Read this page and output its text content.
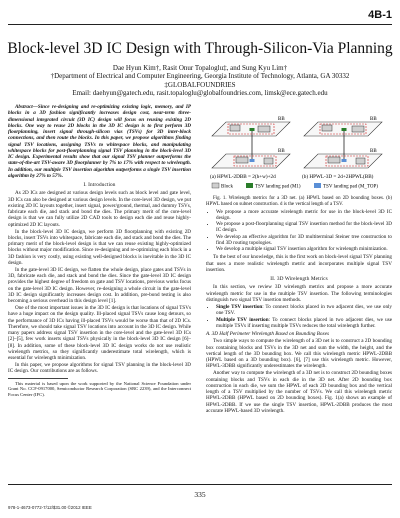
4B-1
Block-level 3D IC Design with Through-Silicon-Via Planning
Dae Hyun Kim†, Rasit Onur Topaloglu‡, and Sung Kyu Lim†
†Department of Electrical and Computer Engineering, Georgia Institute of Technology, Atlanta, GA 30332
‡GLOBALFOUNDRIES
Email: daehyun@gatech.edu, rasit.topaloglu@globalfoundries.com, limsk@ece.gatech.edu

Abstract—Since re-designing and re-optimizing existing logic, memory, and IP blocks in a 3D fashion significantly increases design cost, near-term three-dimensional integrated circuit (3D IC) design will focus on reusing existing 2D blocks. One way to reuse 2D blocks in the 3D IC design is to first perform 3D floorplanning, insert signal through-silicon vias (TSVs) for 3D inter-block connections, and then route the blocks. In this paper, we propose algorithms finding signal TSV locations, assigning TSVs to whitespace blocks, and manipulating whitespace blocks for post-floorplanning signal TSV planning in the block-level 3D IC design. Experimental results show that our signal TSV planner outperforms the state-of-the-art TSV-aware 3D floorplanner by 7% to 17% with respect to wirelength. In addition, our multiple TSV insertion algorithm outperforms a single TSV insertion algorithm by 27% to 57%.

I. Introduction

As 2D ICs are designed at various design levels such as block level and gate level, 3D ICs can also be designed at various design levels. In the core-level 3D design, we put existing 2D IC layouts together, insert signal, power/ground, thermal, and dummy TSVs, fabricate each die, and stack and bond the dies. The primary merit of the core-level design is that we can fully utilize 2D CAD tools to design each die and reuse highly-optimized 2D IC layouts.

In the block-level 3D IC design, we perform 3D floorplanning with existing 2D blocks, insert TSVs into whitespace, fabricate each die, and stack and bond the dies. The primary merit of the block-level design is that we can reuse existing highly-optimized blocks without major modification. Since re-designing and re-optimizing each block in a 3D fashion is very costly, using existing well-designed blocks is inevitable in the 3D IC design.

In the gate-level 3D IC design, we flatten the whole design, place gates and TSVs in 3D, fabricate each die, and stack and bond the dies. Since the gate-level 3D IC design provides the highest degree of freedom on gate and TSV locations, previous works focus on the gate-level 3D IC design. However, re-designing a whole circuit in the gate-level 3D IC design significantly increases design cost. In addition, pre-bond testing is also becoming a serious overhead in this design level [1].

One of the most important issues in the 3D IC design is that locations of signal TSVs have a huge impact on the design quality. Ill-placed signal TSVs cause long detours, so the performance of 3D ICs having ill-placed TSVs would be worse than that of 2D ICs. Therefore, we should take signal TSV locations into account in the 3D IC design. While many papers address signal TSV insertion in the core-level and the gate-level 3D ICs [2]–[5], few work inserts signal TSVs physically in the block-level 3D IC design [6]–[8]. In addition, some of these block-level 3D IC design works do not use realistic wirelength metrics, so they significantly underestimate total wirelength, which is essential for wirelength minimization.

In this paper, we propose algorithms for signal TSV planning in the block-level 3D IC design. Our contributions are as follows.

This material is based upon the work supported by the National Science Foundation under Grant No. CCF-0917000, Semiconductor Research Corporation (SRC 2239), and the Interconnect Focus Center (IFC).

BB
BB
BB
BB
(a) HPWL-2DBB = 2(h+w)+2d	(b) HPWL-3D = 2d+2HPWL(BB)
Block	TSV landing pad (M1)	TSV landing pad (M_TOP)

Fig. 1. Wirelength metrics for a 3D net. (a) HPWL based on 2D bounding boxes. (b) HPWL based on subnet construction. d is the vertical length of a TSV.

• We propose a more accurate wirelength metric for use in the block-level 3D IC design.
• We propose a post-floorplanning signal TSV insertion method for the block-level 3D IC design.
• We develop an effective algorithm for 3D multiterminal Steiner tree construction to find 3D routing topologies.
• We develop a multiple signal TSV insertion algorithm for wirelength minimization.

To the best of our knowledge, this is the first work on block-level signal TSV planning that uses a more realistic wirelength metric and incorporates multiple signal TSV insertion.

II. 3D Wirelength Metrics

In this section, we review 3D wirelength metrics and propose a more accurate wirelength metric for use in the multiple TSV insertion. The following terminologies distinguish two signal TSV insertion methods.

• Single TSV insertion: To connect blocks placed in two adjacent dies, we use only one TSV.
• Multiple TSV insertion: To connect blocks placed in two adjacent dies, we use multiple TSVs if inserting multiple TSVs reduces the total wirelength further.
A. 3D Half Perimeter Wirelength Based on Bounding Boxes

Two simple ways to compute the wirelength of a 3D net is to construct a 2D bounding box containing blocks and TSVs in the 3D net and sum the width, the height, and the vertical length of the 3D bounding box. We call this wirelength metric HPWL-2DBB (HPWL based on a 3D bounding box). [6], [7] use this wirelength metric. However, HPWL-3DBB significantly underestimates the wirelength.

Another way to compute the wirelength of a 3D net is to construct 2D bounding boxes containing blocks and TSVs in each die in the 3D net. After 2D bounding box construction in each die, we sum the HPWL of each 2D bounding box and the vertical length of a TSV multiplied by the number of TSVs. We call this wirelength metric HPWL-2DBB (HPWL based on 2D bounding boxes). Fig. 1(a) shows an example of HPWL-2DBB. If we use the single TSV insertion, HPWL-2DBB produces the most accurate HPWL-based 3D wirelength.

335
978-1-4673-0772-7/12/$31.00 ©2012 IEEE
